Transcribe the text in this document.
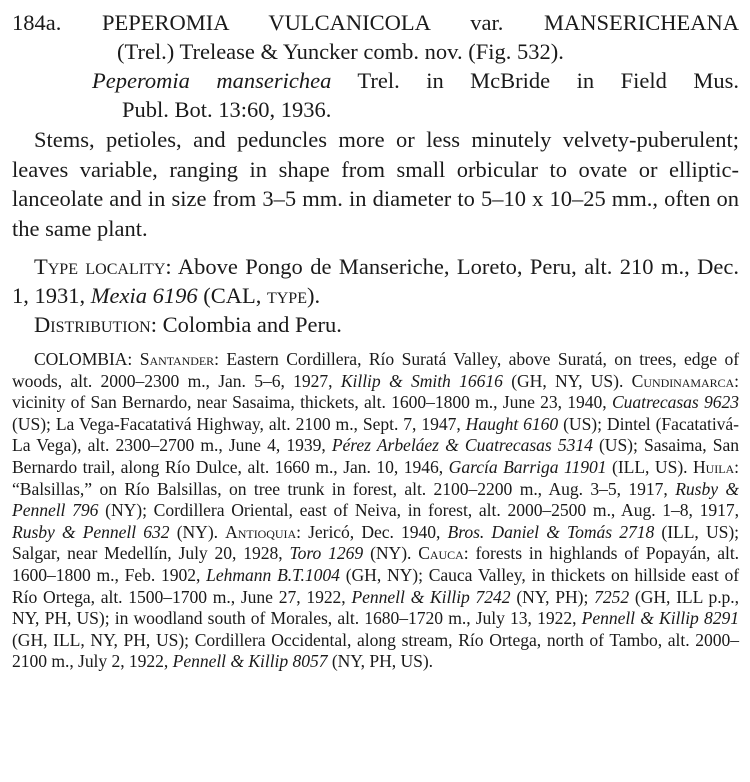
184a. PEPEROMIA VULCANICOLA var. MANSERICHEANA
(Trel.) Trelease & Yuncker comb. nov. (Fig. 532).
Peperomia manserichea Trel. in McBride in Field Mus.
Publ. Bot. 13:60, 1936.
Stems, petioles, and peduncles more or less minutely velvety-puberulent; leaves variable, ranging in shape from small orbicular to ovate or elliptic-lanceolate and in size from 3–5 mm. in diameter to 5–10 x 10–25 mm., often on the same plant.
Type locality: Above Pongo de Manseriche, Loreto, Peru, alt. 210 m., Dec. 1, 1931, Mexia 6196 (CAL, type).
Distribution: Colombia and Peru.
COLOMBIA: Santander: Eastern Cordillera, Río Suratá Valley, above Suratá, on trees, edge of woods, alt. 2000–2300 m., Jan. 5–6, 1927, Killip & Smith 16616 (GH, NY, US). Cundinamarca: vicinity of San Bernardo, near Sasaima, thickets, alt. 1600–1800 m., June 23, 1940, Cuatrecasas 9623 (US); La Vega-Facatativá Highway, alt. 2100 m., Sept. 7, 1947, Haught 6160 (US); Dintel (Facatativá-La Vega), alt. 2300–2700 m., June 4, 1939, Pérez Arbeláez & Cuatrecasas 5314 (US); Sasaima, San Bernardo trail, along Río Dulce, alt. 1660 m., Jan. 10, 1946, García Barriga 11901 (ILL, US). Huila: “Balsillas,” on Río Balsillas, on tree trunk in forest, alt. 2100–2200 m., Aug. 3–5, 1917, Rusby & Pennell 796 (NY); Cordillera Oriental, east of Neiva, in forest, alt. 2000–2500 m., Aug. 1–8, 1917, Rusby & Pennell 632 (NY). Antioquia: Jericó, Dec. 1940, Bros. Daniel & Tomás 2718 (ILL, US); Salgar, near Medellín, July 20, 1928, Toro 1269 (NY). Cauca: forests in highlands of Popayán, alt. 1600–1800 m., Feb. 1902, Lehmann B.T.1004 (GH, NY); Cauca Valley, in thickets on hillside east of Río Ortega, alt. 1500–1700 m., June 27, 1922, Pennell & Killip 7242 (NY, PH); 7252 (GH, ILL p.p., NY, PH, US); in woodland south of Morales, alt. 1680–1720 m., July 13, 1922, Pennell & Killip 8291 (GH, ILL, NY, PH, US); Cordillera Occidental, along stream, Río Ortega, north of Tambo, alt. 2000–2100 m., July 2, 1922, Pennell & Killip 8057 (NY, PH, US).
